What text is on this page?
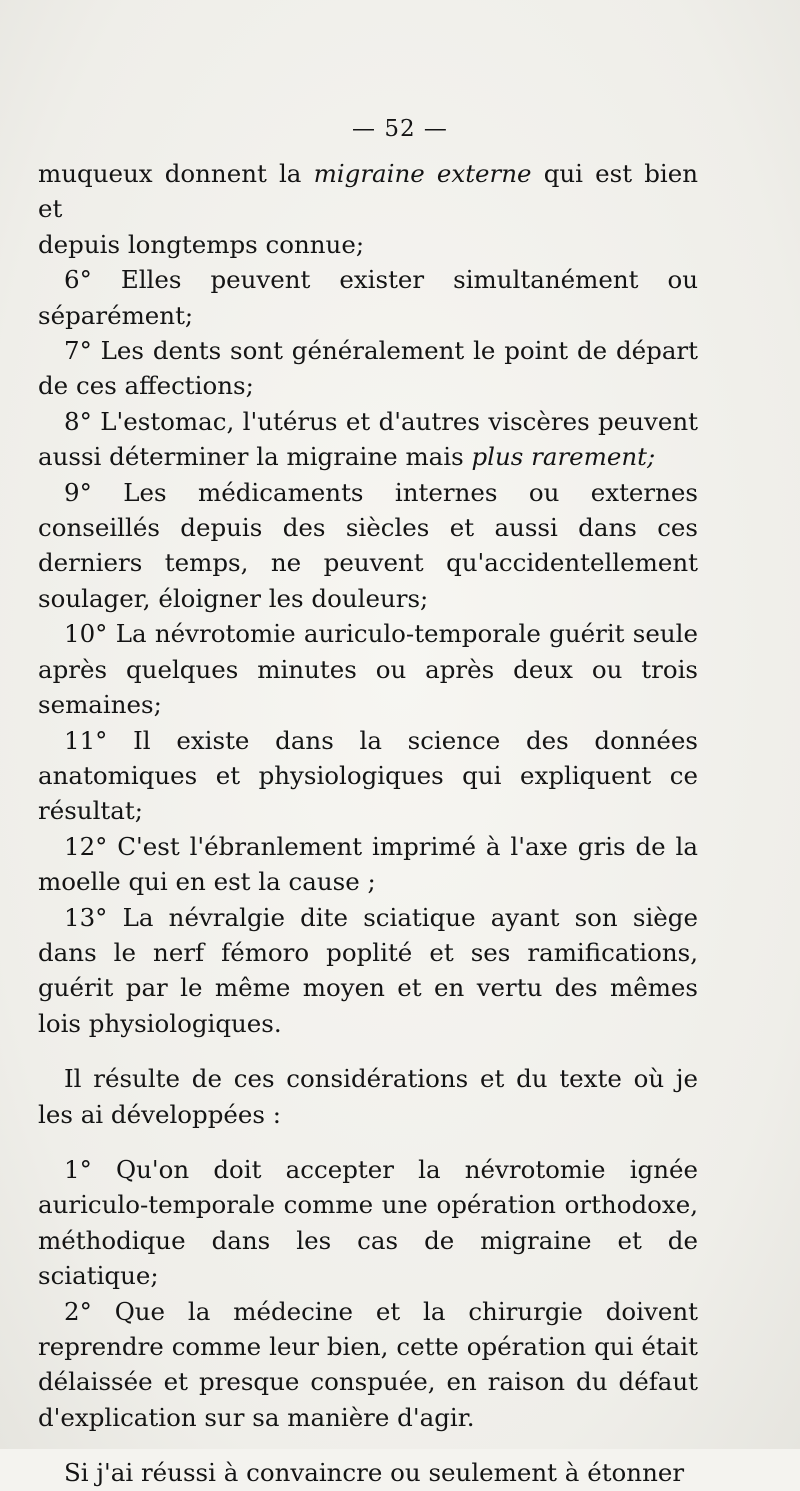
— 52 —

muqueux donnent la migraine externe qui est bien et
depuis longtemps connue;

6° Elles peuvent exister simultanément ou séparément;

7° Les dents sont généralement le point de départ de ces affections;

8° L'estomac, l'utérus et d'autres viscères peuvent aussi déterminer la migraine mais plus rarement;

9° Les médicaments internes ou externes conseillés depuis des siècles et aussi dans ces derniers temps, ne peuvent qu'accidentellement soulager, éloigner les douleurs;

10° La névrotomie auriculo-temporale guérit seule après quelques minutes ou après deux ou trois semaines;

11° Il existe dans la science des données anatomiques et physiologiques qui expliquent ce résultat;

12° C'est l'ébranlement imprimé à l'axe gris de la moelle qui en est la cause ;

13° La névralgie dite sciatique ayant son siège dans le nerf fémoro poplité et ses ramifications, guérit par le même moyen et en vertu des mêmes lois physiologiques.

Il résulte de ces considérations et du texte où je les ai développées :

1° Qu'on doit accepter la névrotomie ignée auriculo-temporale comme une opération orthodoxe, méthodique dans les cas de migraine et de sciatique;

2° Que la médecine et la chirurgie doivent reprendre comme leur bien, cette opération qui était délaissée et presque conspuée, en raison du défaut d'explication sur sa manière d'agir.

Si j'ai réussi à convaincre ou seulement à étonner
